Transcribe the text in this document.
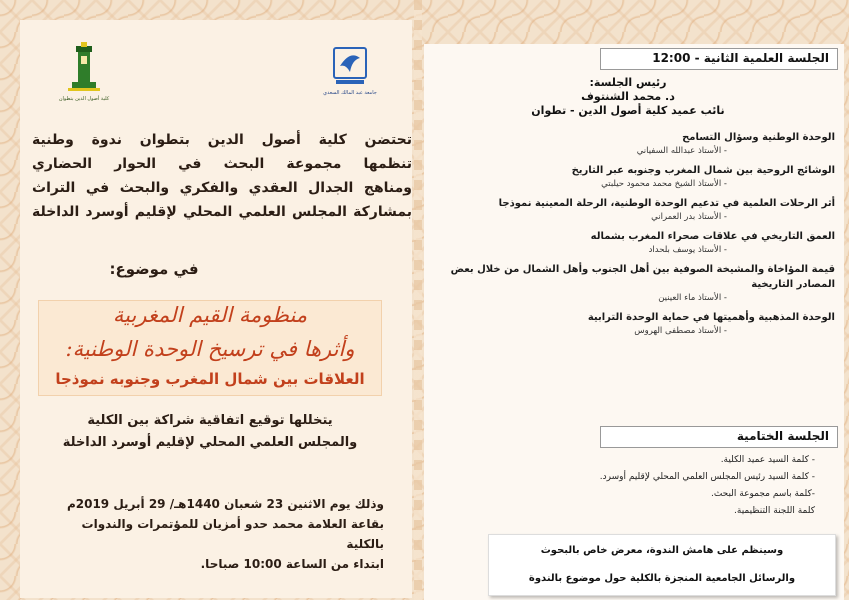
كلية أصول الدين بتطوان
جامعة عبد المالك السعدي
تحتضن كلية أصول الدين بتطوان ندوة وطنية
تنظمها مجموعة البحث في الحوار الحضاري
ومناهج الجدال العقدي والفكري والبحث في التراث
بمشاركة المجلس العلمي المحلي لإقليم أوسرد الداخلة
في موضوع:
منظومة القيم المغربية
وأثرها في ترسيخ الوحدة الوطنية:
العلاقات بين شمال المغرب وجنوبه نموذجا
يتخللها توقيع اتفاقية شراكة بين الكلية
والمجلس العلمي المحلي لإقليم أوسرد الداخلة
وذلك يوم الاثنين 23 شعبان 1440هـ/ 29 أبريل 2019م
بقاعة العلامة محمد حدو أمزيان للمؤتمرات والندوات بالكلية
ابتداء من الساعة 10:00 صباحا.
الجلسة العلمية الثانية - 12:00
رئيس الجلسة:
د. محمد الشنتوف
نائب عميد كلية أصول الدين - تطوان
الوحدة الوطنية وسؤال التسامح
- الأستاذ عبدالله السفياني
الوشائج الروحية بين شمال المغرب وجنوبه عبر التاريخ
- الأستاذ الشيخ محمد محمود حيلبتي
أثر الرحلات العلمية في تدعيم الوحدة الوطنية، الرحلة المعينية نموذجا
- الأستاذ بدر العمراني
العمق التاريخي في علاقات صحراء المغرب بشماله
- الأستاذ يوسف بلحداد
قيمة المؤاخاة والمشيخة الصوفية بين أهل الجنوب وأهل الشمال من خلال بعض المصادر التاريخية
- الأستاذ ماء العينين
الوحدة المذهبية وأهميتها في حماية الوحدة الترابية
- الأستاذ مصطفى الهروس
الجلسة الختامية
- كلمة السيد عميد الكلية.
- كلمة السيد رئيس المجلس العلمي المحلي لإقليم أوسرد.
-كلمة باسم مجموعة البحث.
كلمة اللجنة التنظيمية.
وسينظم على هامش الندوة، معرض خاص بالبحوث
والرسائل الجامعية المنجزة بالكلية حول موضوع بالندوة
